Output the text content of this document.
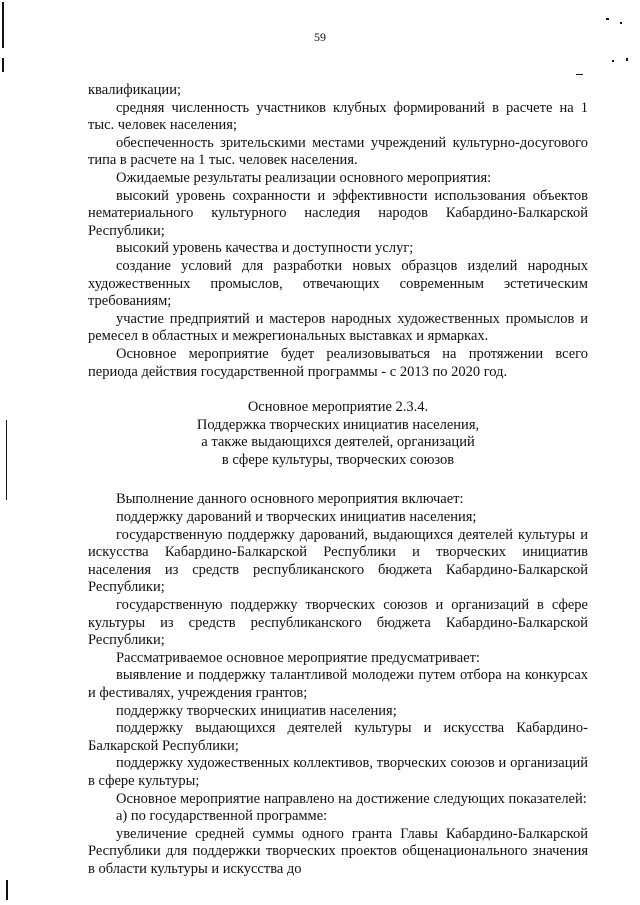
59

квалификации;

средняя численность участников клубных формирований в расчете на 1 тыс. человек населения;

обеспеченность зрительскими местами учреждений культурно-досугового типа в расчете на 1 тыс. человек населения.

Ожидаемые результаты реализации основного мероприятия:

высокий уровень сохранности и эффективности использования объектов нематериального культурного наследия народов Кабардино-Балкарской Республики;

высокий уровень качества и доступности услуг;

создание условий для разработки новых образцов изделий народных художественных промыслов, отвечающих современным эстетическим требованиям;

участие предприятий и мастеров народных художественных промыслов и ремесел в областных и межрегиональных выставках и ярмарках.

Основное мероприятие будет реализовываться на протяжении всего периода действия государственной программы - с 2013 по 2020 год.

Основное мероприятие 2.3.4.

Поддержка творческих инициатив населения,

а также выдающихся деятелей, организаций

в сфере культуры, творческих союзов

Выполнение данного основного мероприятия включает:

поддержку дарований и творческих инициатив населения;

государственную поддержку дарований, выдающихся деятелей культуры и искусства Кабардино-Балкарской Республики и творческих инициатив населения из средств республиканского бюджета Кабардино-Балкарской Республики;

государственную поддержку творческих союзов и организаций в сфере культуры из средств республиканского бюджета Кабардино-Балкарской Республики;

Рассматриваемое основное мероприятие предусматривает:

выявление и поддержку талантливой молодежи путем отбора на конкурсах и фестивалях, учреждения грантов;

поддержку творческих инициатив населения;

поддержку выдающихся деятелей культуры и искусства Кабардино-Балкарской Республики;

поддержку художественных коллективов, творческих союзов и организаций в сфере культуры;

Основное мероприятие направлено на достижение следующих показателей:

а) по государственной программе:

увеличение средней суммы одного гранта Главы Кабардино-Балкарской Республики для поддержки творческих проектов общенационального значения в области культуры и искусства до
